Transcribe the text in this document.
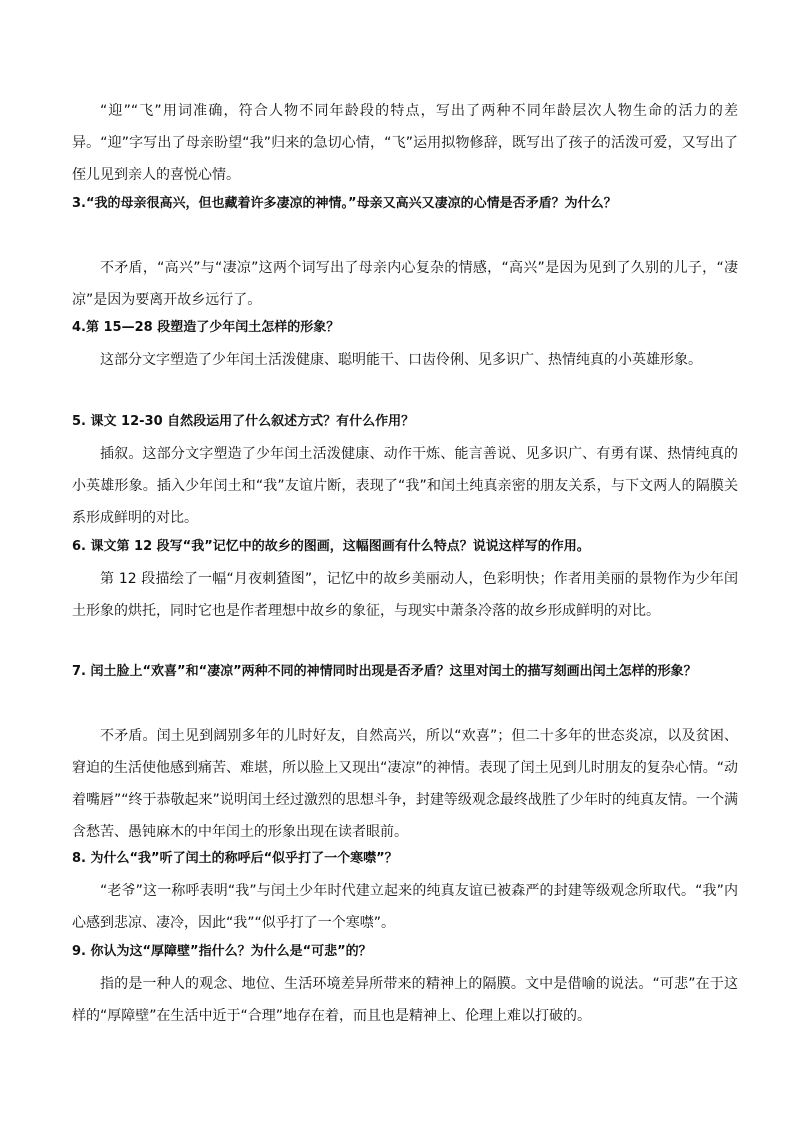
“迎”“飞”用词准确，符合人物不同年龄段的特点，写出了两种不同年龄层次人物生命的活力的差异。“迎”字写出了母亲盼望“我”归来的急切心情，“飞”运用拟物修辞，既写出了孩子的活泼可爱，又写出了侄儿见到亲人的喜悦心情。

3.“我的母亲很高兴，但也藏着许多凄凉的神情。”母亲又高兴又凄凉的心情是否矛盾？为什么？

不矛盾，“高兴”与“凄凉”这两个词写出了母亲内心复杂的情感，“高兴”是因为见到了久别的儿子，“凄凉”是因为要离开故乡远行了。

4.第 15—28 段塑造了少年闰土怎样的形象？

这部分文字塑造了少年闰土活泼健康、聪明能干、口齿伶俐、见多识广、热情纯真的小英雄形象。

5. 课文 12-30 自然段运用了什么叙述方式？有什么作用？

插叙。这部分文字塑造了少年闰土活泼健康、动作干炼、能言善说、见多识广、有勇有谋、热情纯真的小英雄形象。插入少年闰土和“我”友谊片断，表现了“我”和闰土纯真亲密的朋友关系，与下文两人的隔膜关系形成鲜明的对比。

6. 课文第 12 段写“我”记忆中的故乡的图画，这幅图画有什么特点？说说这样写的作用。

第 12 段描绘了一幅“月夜刺猹图”，记忆中的故乡美丽动人，色彩明快；作者用美丽的景物作为少年闰土形象的烘托，同时它也是作者理想中故乡的象征，与现实中萧条冷落的故乡形成鲜明的对比。

7. 闰土脸上“欢喜”和“凄凉”两种不同的神情同时出现是否矛盾？这里对闰土的描写刻画出闰土怎样的形象？

不矛盾。闰土见到阔别多年的儿时好友，自然高兴，所以“欢喜”；但二十多年的世态炎凉，以及贫困、窘迫的生活使他感到痛苦、难堪，所以脸上又现出“凄凉”的神情。表现了闰土见到儿时朋友的复杂心情。“动着嘴唇”“终于恭敬起来”说明闰土经过激烈的思想斗争，封建等级观念最终战胜了少年时的纯真友情。一个满含愁苦、愚钝麻木的中年闰土的形象出现在读者眼前。

8. 为什么“我”听了闰土的称呼后“似乎打了一个寒噤”？

“老爷”这一称呼表明“我”与闰土少年时代建立起来的纯真友谊已被森严的封建等级观念所取代。“我”内心感到悲凉、凄冷，因此“我”“似乎打了一个寒噤”。

9. 你认为这“厚障壁”指什么？为什么是“可悲”的？

指的是一种人的观念、地位、生活环境差异所带来的精神上的隔膜。文中是借喻的说法。“可悲”在于这样的“厚障壁”在生活中近于“合理”地存在着，而且也是精神上、伦理上难以打破的。
